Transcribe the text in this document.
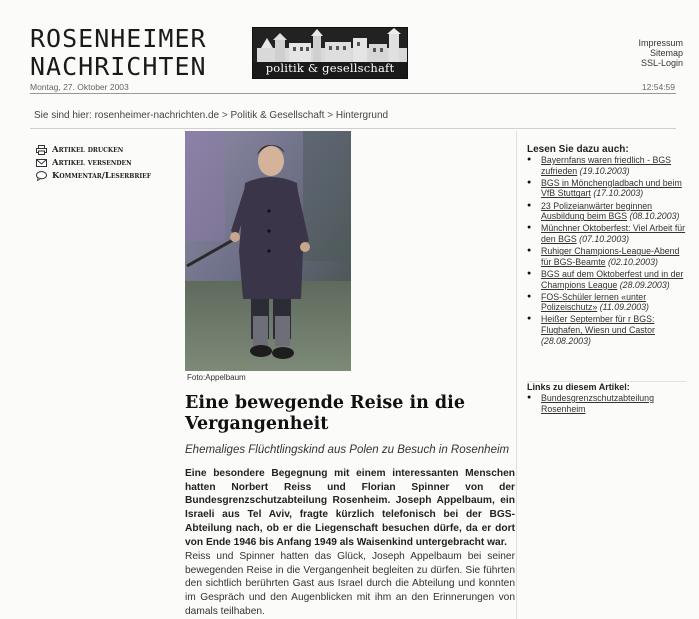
ROSENHEIMER
NACHRICHTEN	politik & gesellschaft
Impressum
Sitemap
SSL-Login
Montag, 27. Oktober 2003	12:54:59
Sie sind hier: rosenheimer-nachrichten.de > Politik & Gesellschaft > Hintergrund
Artikel drucken
Artikel versenden
Kommentar/Leserbrief
Foto:Appelbaum
Eine bewegende Reise in die Vergangenheit
Ehemaliges Flüchtlingskind aus Polen zu Besuch in Rosenheim

Eine besondere Begegnung mit einem interessanten Menschen hatten Norbert Reiss und Florian Spinner von der Bundesgrenzschutzabteilung Rosenheim. Joseph Appelbaum, ein Israeli aus Tel Aviv, fragte kürzlich telefonisch bei der BGS-Abteilung nach, ob er die Liegenschaft besuchen dürfe, da er dort von Ende 1946 bis Anfang 1949 als Waisenkind untergebracht war.

Reiss und Spinner hatten das Glück, Joseph Appelbaum bei seiner bewegenden Reise in die Vergangenheit begleiten zu dürfen. Sie führten den sichtlich berührten Gast aus Israel durch die Abteilung und konnten im Gespräch und den Augenblicken mit ihm an den Erinnerungen von damals teilhaben.

Lesen Sie dazu auch:
● Bayernfans waren friedlich - BGS zufrieden (19.10.2003)
● BGS in Mönchengladbach und beim VfB Stuttgart (17.10.2003)
● 23 Polizeianwärter beginnen Ausbildung beim BGS (08.10.2003)
● Münchner Oktoberfest: Viel Arbeit für den BGS (07.10.2003)
● Ruhiger Champions-League-Abend für BGS-Beamte (02.10.2003)
● BGS auf dem Oktoberfest und in der Champions League (28.09.2003)
● FOS-Schüler lernen «unter Polizeischutz» (11.09.2003)
● Heißer September für r BGS: Flughafen, Wiesn und Castor (28.08.2003)
Links zu diesem Artikel:
● Bundesgrenzschutzabteilung Rosenheim
